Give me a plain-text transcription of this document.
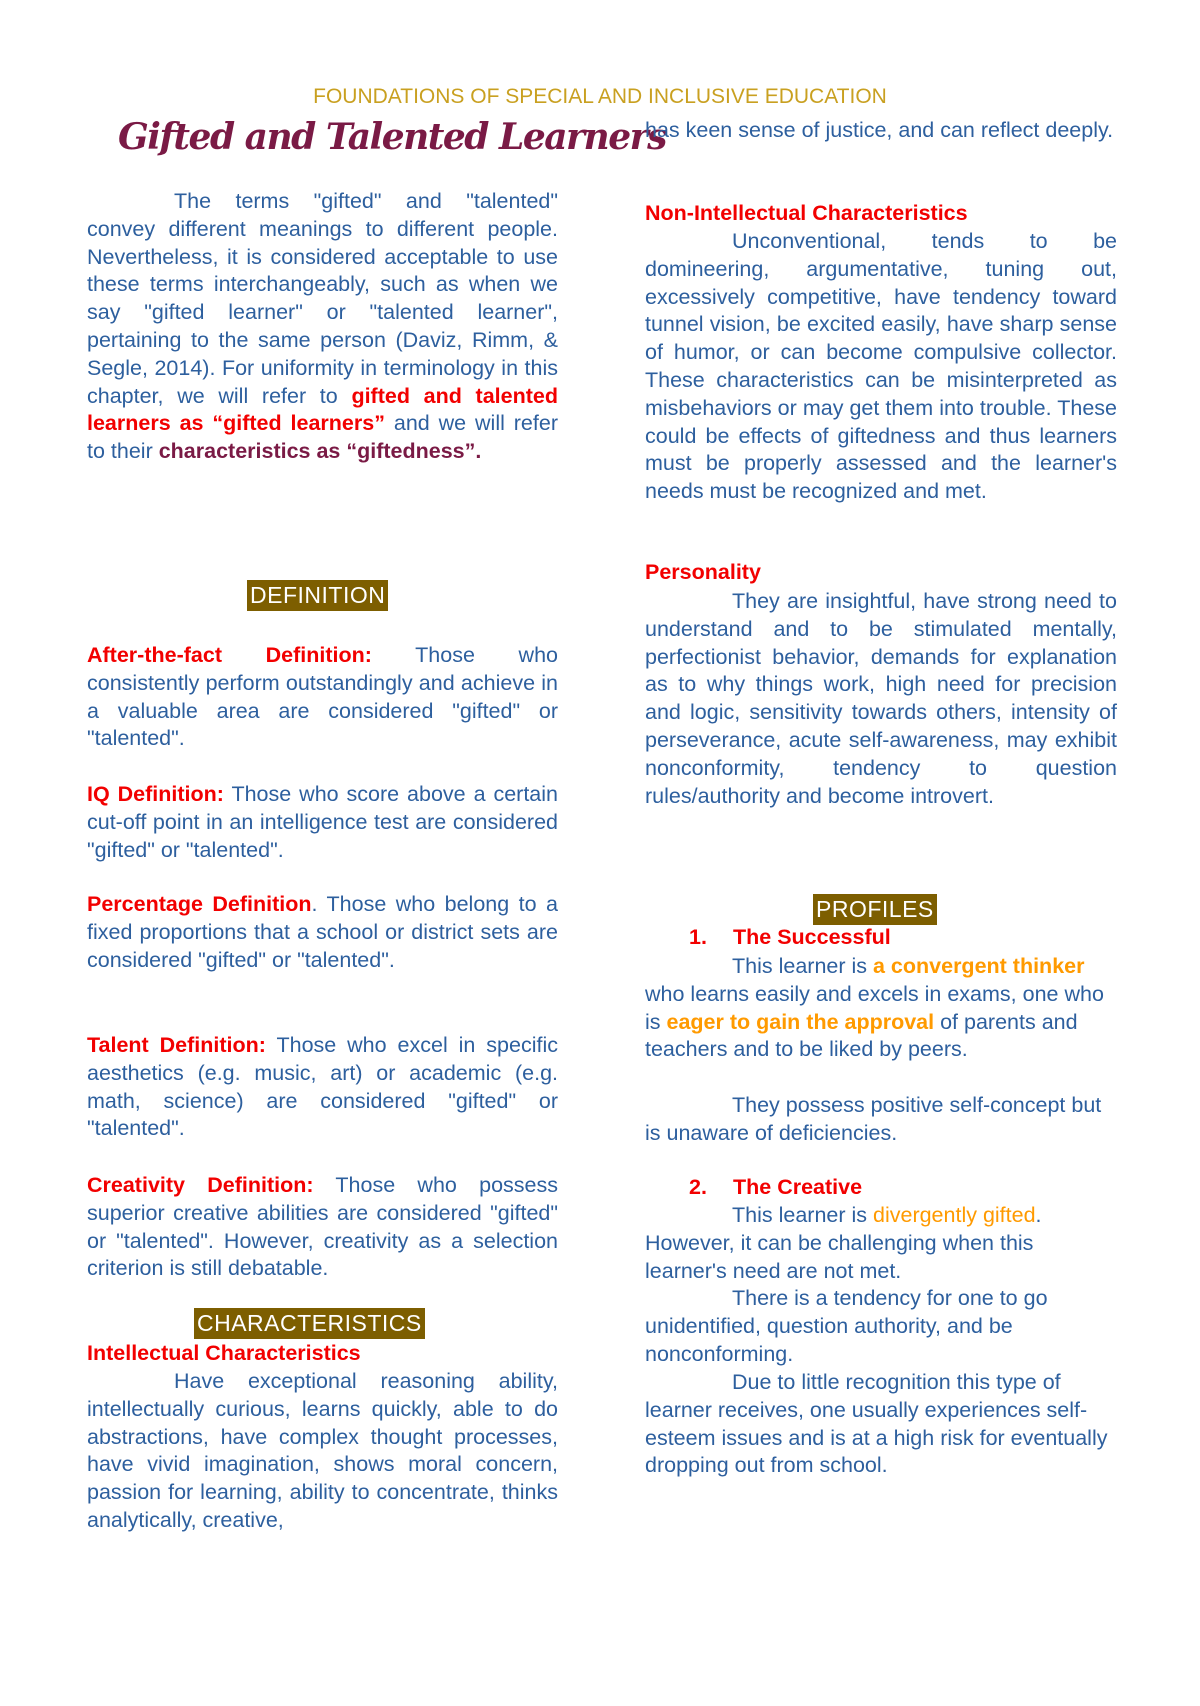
FOUNDATIONS OF SPECIAL AND INCLUSIVE EDUCATION
Gifted and Talented Learners

The terms "gifted" and "talented" convey different meanings to different people. Nevertheless, it is considered acceptable to use these terms interchangeably, such as when we say "gifted learner" or "talented learner", pertaining to the same person (Daviz, Rimm, & Segle, 2014). For uniformity in terminology in this chapter, we will refer to gifted and talented learners as “gifted learners” and we will refer to their characteristics as “giftedness”.

DEFINITION

After-the-fact Definition: Those who consistently perform outstandingly and achieve in a valuable area are considered "gifted" or "talented".

IQ Definition: Those who score above a certain cut-off point in an intelligence test are considered "gifted" or "talented".

Percentage Definition. Those who belong to a fixed proportions that a school or district sets are considered "gifted" or "talented".

Talent Definition: Those who excel in specific aesthetics (e.g. music, art) or academic (e.g. math, science) are considered "gifted" or "talented".

Creativity Definition: Those who possess superior creative abilities are considered "gifted" or "talented". However, creativity as a selection criterion is still debatable.

CHARACTERISTICS
Intellectual Characteristics

Have exceptional reasoning ability, intellectually curious, learns quickly, able to do abstractions, have complex thought processes, have vivid imagination, shows moral concern, passion for learning, ability to concentrate, thinks analytically, creative,

has keen sense of justice, and can reflect deeply.

Non-Intellectual Characteristics

Unconventional, tends to be domineering, argumentative, tuning out, excessively competitive, have tendency toward tunnel vision, be excited easily, have sharp sense of humor, or can become compulsive collector. These characteristics can be misinterpreted as misbehaviors or may get them into trouble. These could be effects of giftedness and thus learners must be properly assessed and the learner's needs must be recognized and met.

Personality

They are insightful, have strong need to understand and to be stimulated mentally, perfectionist behavior, demands for explanation as to why things work, high need for precision and logic, sensitivity towards others, intensity of perseverance, acute self-awareness, may exhibit nonconformity, tendency to question rules/authority and become introvert.

PROFILES
1. The Successful

This learner is a convergent thinker who learns easily and excels in exams, one who is eager to gain the approval of parents and teachers and to be liked by peers.

They possess positive self-concept but is unaware of deficiencies.

2. The Creative

This learner is divergently gifted. However, it can be challenging when this learner's need are not met.

There is a tendency for one to go unidentified, question authority, and be nonconforming.

Due to little recognition this type of learner receives, one usually experiences self-esteem issues and is at a high risk for eventually dropping out from school.
